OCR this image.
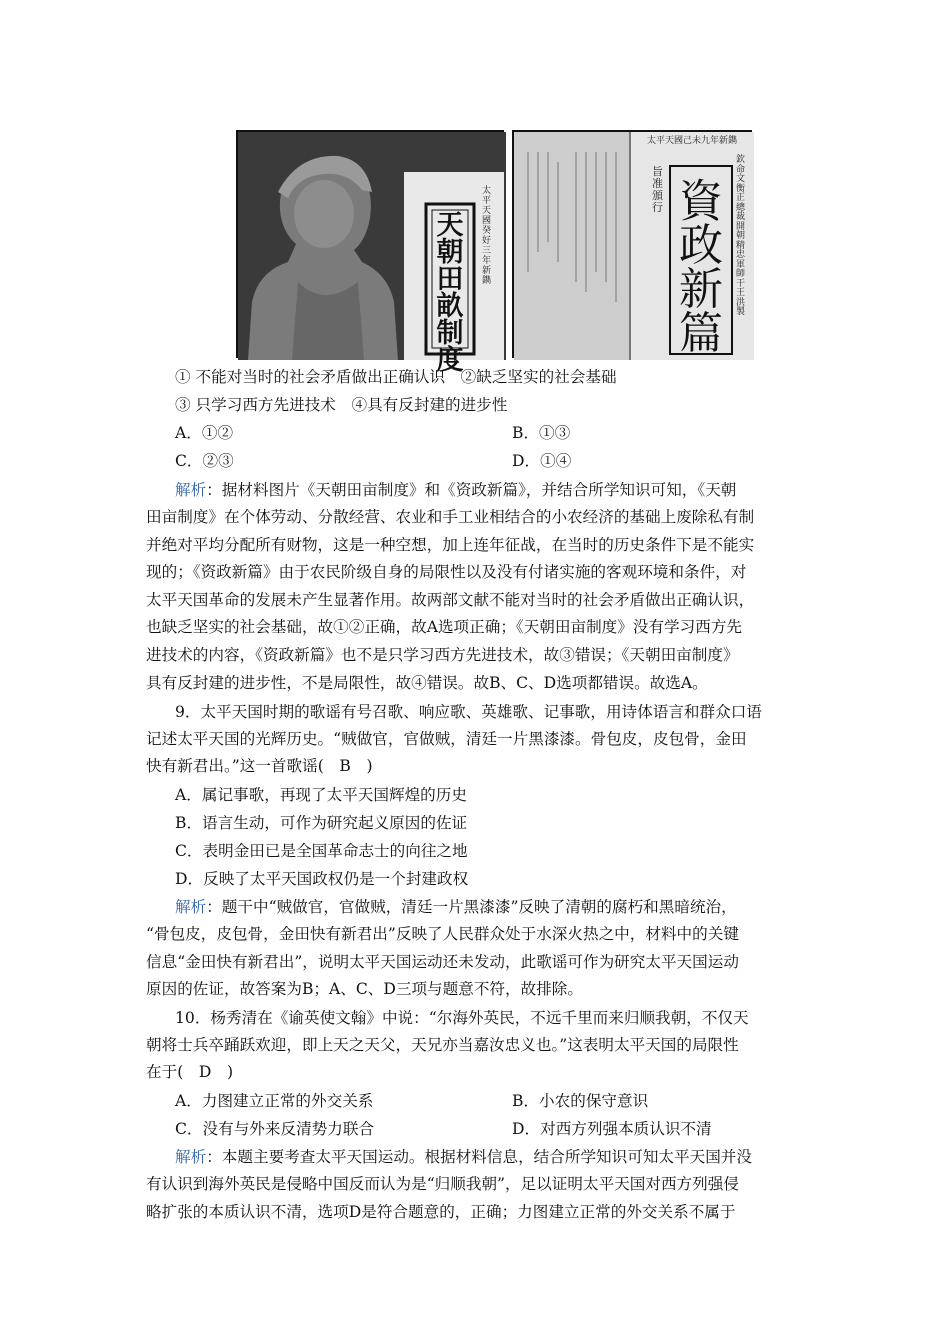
天朝田畝制度
太平天國癸好三年新鐫
資政新篇
太平天國己未九年新鐫
欽命文衡正總裁開朝精忠軍師干王洪 製
旨准頒行
① 不能对当时的社会矛盾做出正确认识　②缺乏坚实的社会基础
③ 只学习西方先进技术　④具有反封建的进步性
A．①②	B．①③
C．②③	D．①④
解析：据材料图片《天朝田亩制度》和《资政新篇》，并结合所学知识可知，《天朝
田亩制度》在个体劳动、分散经营、农业和手工业相结合的小农经济的基础上废除私有制
并绝对平均分配所有财物，这是一种空想，加上连年征战，在当时的历史条件下是不能实
现的；《资政新篇》由于农民阶级自身的局限性以及没有付诸实施的客观环境和条件，对
太平天国革命的发展未产生显著作用。故两部文献不能对当时的社会矛盾做出正确认识，
也缺乏坚实的社会基础，故①②正确，故A选项正确；《天朝田亩制度》没有学习西方先
进技术的内容，《资政新篇》也不是只学习西方先进技术，故③错误；《天朝田亩制度》
具有反封建的进步性，不是局限性，故④错误。故B、C、D选项都错误。故选A。
9．太平天国时期的歌谣有号召歌、响应歌、英雄歌、记事歌，用诗体语言和群众口语
记述太平天国的光辉历史。“贼做官，官做贼，清廷一片黑漆漆。骨包皮，皮包骨，金田
快有新君出。”这一首歌谣(　B　)
A．属记事歌，再现了太平天国辉煌的历史
B．语言生动，可作为研究起义原因的佐证
C．表明金田已是全国革命志士的向往之地
D．反映了太平天国政权仍是一个封建政权
解析：题干中“贼做官，官做贼，清廷一片黑漆漆”反映了清朝的腐朽和黑暗统治，
“骨包皮，皮包骨，金田快有新君出”反映了人民群众处于水深火热之中，材料中的关键
信息“金田快有新君出”，说明太平天国运动还未发动，此歌谣可作为研究太平天国运动
原因的佐证，故答案为B；A、C、D三项与题意不符，故排除。
10．杨秀清在《谕英使文翰》中说：“尔海外英民，不远千里而来归顺我朝，不仅天
朝将士兵卒踊跃欢迎，即上天之天父，天兄亦当嘉汝忠义也。”这表明太平天国的局限性
在于(　D　)
A．力图建立正常的外交关系	B．小农的保守意识
C．没有与外来反清势力联合	D．对西方列强本质认识不清
解析：本题主要考查太平天国运动。根据材料信息，结合所学知识可知太平天国并没
有认识到海外英民是侵略中国反而认为是“归顺我朝”，足以证明太平天国对西方列强侵
略扩张的本质认识不清，选项D是符合题意的，正确；力图建立正常的外交关系不属于
